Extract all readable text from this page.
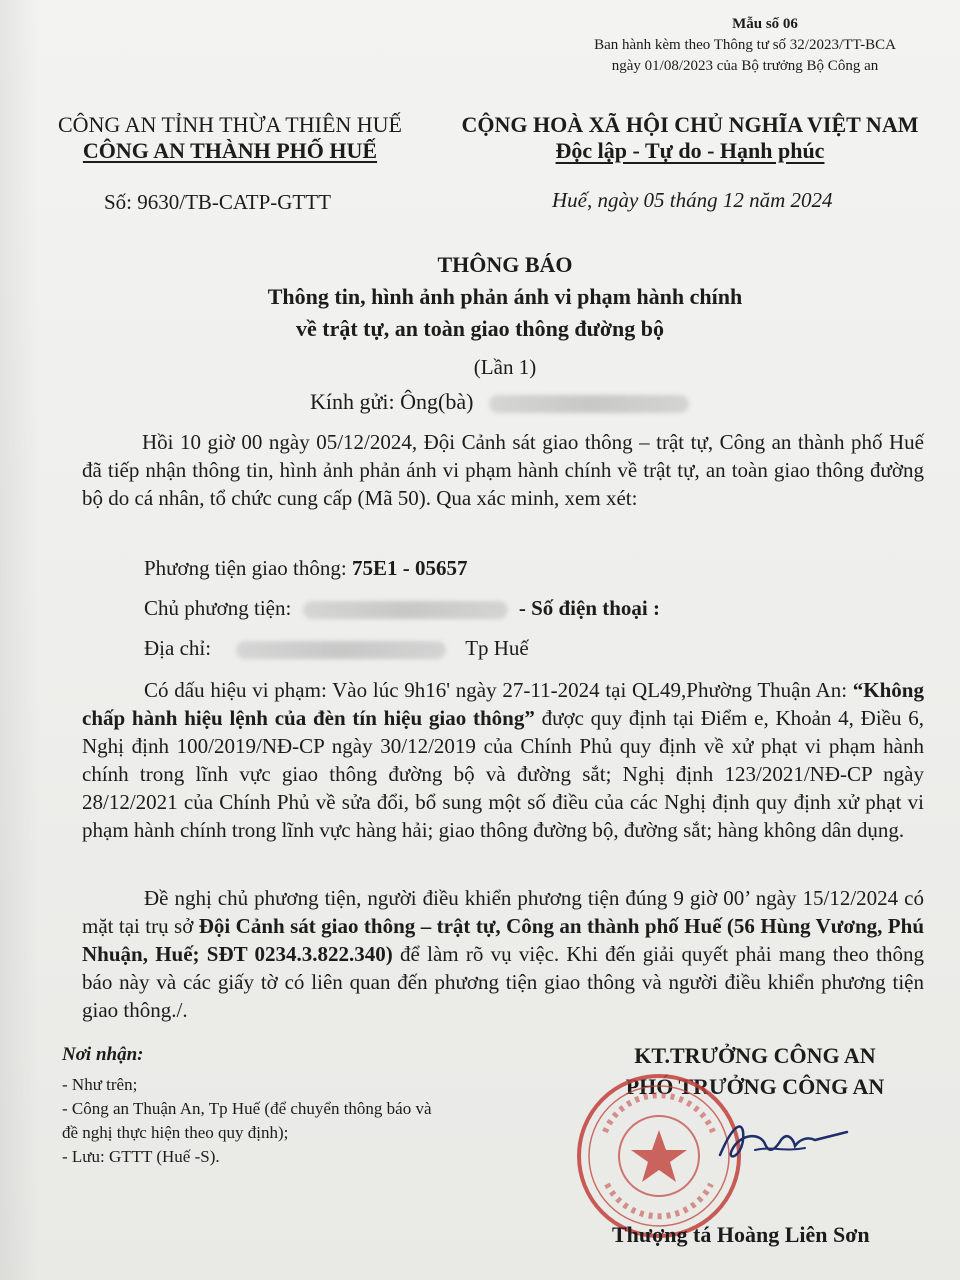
Mẫu số 06
Ban hành kèm theo Thông tư số 32/2023/TT-BCA
ngày 01/08/2023 của Bộ trưởng Bộ Công an
CÔNG AN TỈNH THỪA THIÊN HUẾ
CÔNG AN THÀNH PHỐ HUẾ
CỘNG HOÀ XÃ HỘI CHỦ NGHĨA VIỆT NAM
Độc lập - Tự do - Hạnh phúc
Số: 9630/TB-CATP-GTTT	Huế, ngày 05 tháng 12 năm 2024
THÔNG BÁO
Thông tin, hình ảnh phản ánh vi phạm hành chính
về trật tự, an toàn giao thông đường bộ
(Lần 1)
Kính gửi: Ông(bà)
Hồi 10 giờ 00 ngày 05/12/2024, Đội Cảnh sát giao thông – trật tự, Công an thành phố Huế đã tiếp nhận thông tin, hình ảnh phản ánh vi phạm hành chính về trật tự, an toàn giao thông đường bộ do cá nhân, tổ chức cung cấp (Mã 50). Qua xác minh, xem xét:
Phương tiện giao thông: 75E1 - 05657
Chủ phương tiện:	- Số điện thoại :
Địa chỉ:	Tp Huế
Có dấu hiệu vi phạm: Vào lúc 9h16' ngày 27-11-2024 tại QL49,Phường Thuận An: “Không chấp hành hiệu lệnh của đèn tín hiệu giao thông” được quy định tại Điểm e, Khoản 4, Điều 6, Nghị định 100/2019/NĐ-CP ngày 30/12/2019 của Chính Phủ quy định về xử phạt vi phạm hành chính trong lĩnh vực giao thông đường bộ và đường sắt; Nghị định 123/2021/NĐ-CP ngày 28/12/2021 của Chính Phủ về sửa đổi, bổ sung một số điều của các Nghị định quy định xử phạt vi phạm hành chính trong lĩnh vực hàng hải; giao thông đường bộ, đường sắt; hàng không dân dụng.
Đề nghị chủ phương tiện, người điều khiển phương tiện đúng 9 giờ 00’ ngày 15/12/2024 có mặt tại trụ sở Đội Cảnh sát giao thông – trật tự, Công an thành phố Huế (56 Hùng Vương, Phú Nhuận, Huế; SĐT 0234.3.822.340) để làm rõ vụ việc. Khi đến giải quyết phải mang theo thông báo này và các giấy tờ có liên quan đến phương tiện giao thông và người điều khiển phương tiện giao thông./.
Nơi nhận:
- Như trên;
- Công an Thuận An, Tp Huế (để chuyển thông báo và đề nghị thực hiện theo quy định);
- Lưu: GTTT (Huế -S).
KT.TRƯỞNG CÔNG AN
PHÓ TRƯỞNG CÔNG AN
Thượng tá Hoàng Liên Sơn
